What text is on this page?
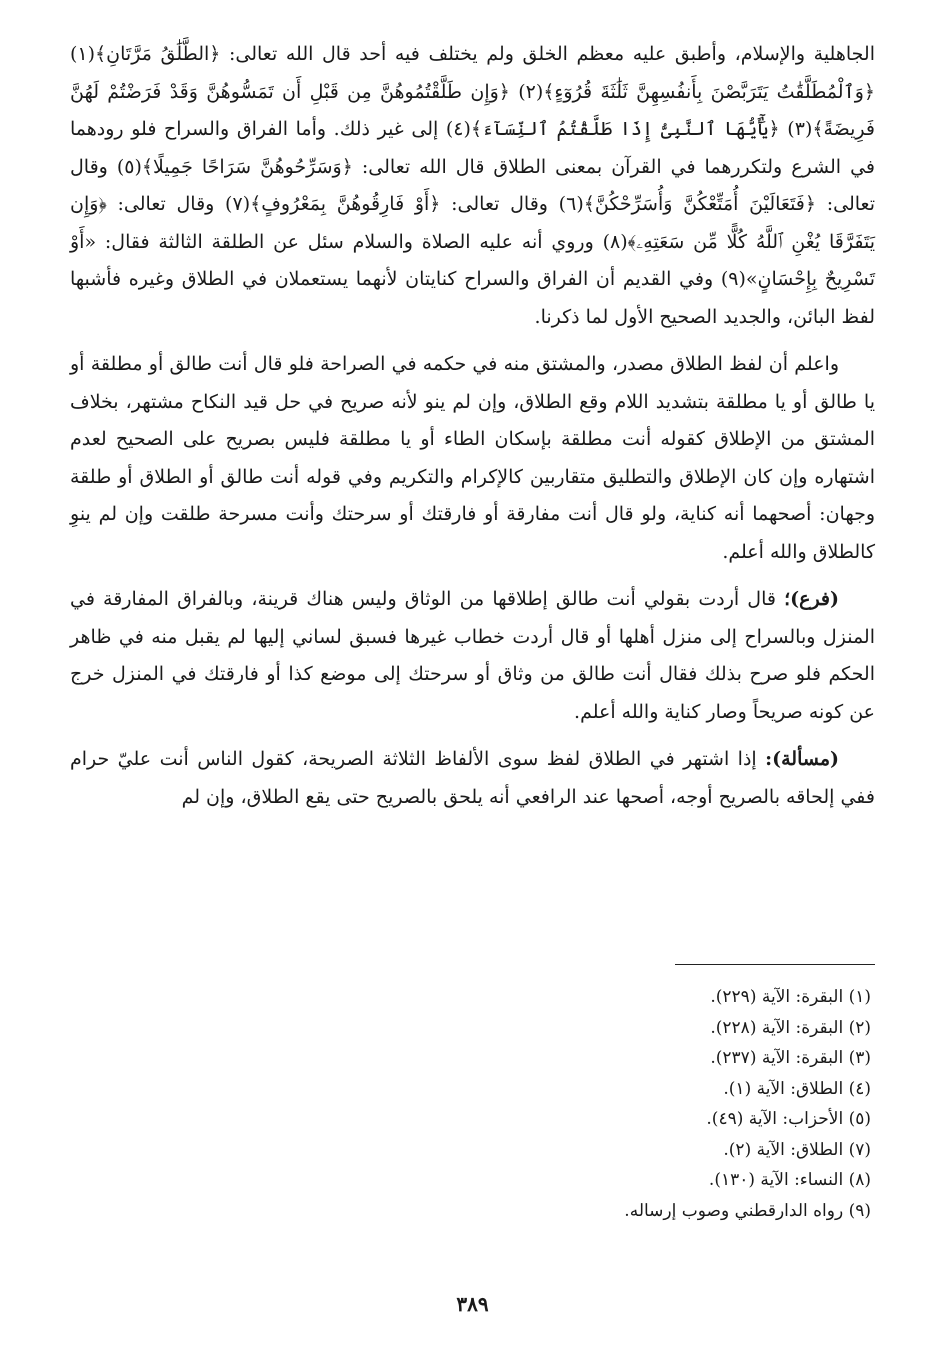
الجاهلية والإسلام، وأطبق عليه معظم الخلق ولم يختلف فيه أحد قال الله تعالى: ﴿الطَّلَٰقُ مَرَّتَانِ﴾(١) ﴿وَٱلْمُطَلَّقَٰتُ يَتَرَبَّصْنَ بِأَنفُسِهِنَّ ثَلَٰثَةَ قُرُوٓءٍ﴾(٢) ﴿وَإِن طَلَّقْتُمُوهُنَّ مِن قَبْلِ أَن تَمَسُّوهُنَّ وَقَدْ فَرَضْتُمْ لَهُنَّ فَرِيضَةً﴾(٣) ﴿يَٰٓأَيُّهَا ٱلنَّبِىُّ إِذَا طَلَّقْتُمُ ٱلنِّسَآءَ﴾(٤) إلى غير ذلك. وأما الفراق والسراح فلو رودهما في الشرع ولتكررهما في القرآن بمعنى الطلاق قال الله تعالى: ﴿وَسَرِّحُوهُنَّ سَرَاحًا جَمِيلًا﴾(٥) وقال تعالى: ﴿فَتَعَالَيْنَ أُمَتِّعْكُنَّ وَأُسَرِّحْكُنَّ﴾(٦) وقال تعالى: ﴿أَوْ فَارِقُوهُنَّ بِمَعْرُوفٍ﴾(٧) وقال تعالى: ﴿وَإِن يَتَفَرَّقَا يُغْنِ ٱللَّهُ كُلًّا مِّن سَعَتِهِۦ﴾(٨) وروي أنه عليه الصلاة والسلام سئل عن الطلقة الثالثة فقال: «أَوْ تَسْرِيحٌ بِإِحْسَانٍ»(٩) وفي القديم أن الفراق والسراح كنايتان لأنهما يستعملان في الطلاق وغيره فأشبها لفظ البائن، والجديد الصحيح الأول لما ذكرنا.

واعلم أن لفظ الطلاق مصدر، والمشتق منه في حكمه في الصراحة فلو قال أنت طالق أو مطلقة أو يا طالق أو يا مطلقة بتشديد اللام وقع الطلاق، وإن لم ينو لأنه صريح في حل قيد النكاح مشتهر، بخلاف المشتق من الإطلاق كقوله أنت مطلقة بإسكان الطاء أو يا مطلقة فليس بصريح على الصحيح لعدم اشتهاره وإن كان الإطلاق والتطليق متقاربين كالإكرام والتكريم وفي قوله أنت طالق أو الطلاق أو طلقة وجهان: أصحهما أنه كناية، ولو قال أنت مفارقة أو فارقتك أو سرحتك وأنت مسرحة طلقت وإن لم ينوِ كالطلاق والله أعلم.

(فرع)؛ قال أردت بقولي أنت طالق إطلاقها من الوثاق وليس هناك قرينة، وبالفراق المفارقة في المنزل وبالسراح إلى منزل أهلها أو قال أردت خطاب غيرها فسبق لساني إليها لم يقبل منه في ظاهر الحكم فلو صرح بذلك فقال أنت طالق من وثاق أو سرحتك إلى موضع كذا أو فارقتك في المنزل خرج عن كونه صريحاً وصار كناية والله أعلم.

(مسألة): إذا اشتهر في الطلاق لفظ سوى الألفاظ الثلاثة الصريحة، كقول الناس أنت عليّ حرام ففي إلحاقه بالصريح أوجه، أصحها عند الرافعي أنه يلحق بالصريح حتى يقع الطلاق، وإن لم

(١) البقرة: الآية (٢٢٩).
(٢) البقرة: الآية (٢٢٨).
(٣) البقرة: الآية (٢٣٧).
(٤) الطلاق: الآية (١).
(٥) الأحزاب: الآية (٤٩).
(٧) الطلاق: الآية (٢).
(٨) النساء: الآية (١٣٠).
(٩) رواه الدارقطني وصوب إرساله.
٣٨٩
